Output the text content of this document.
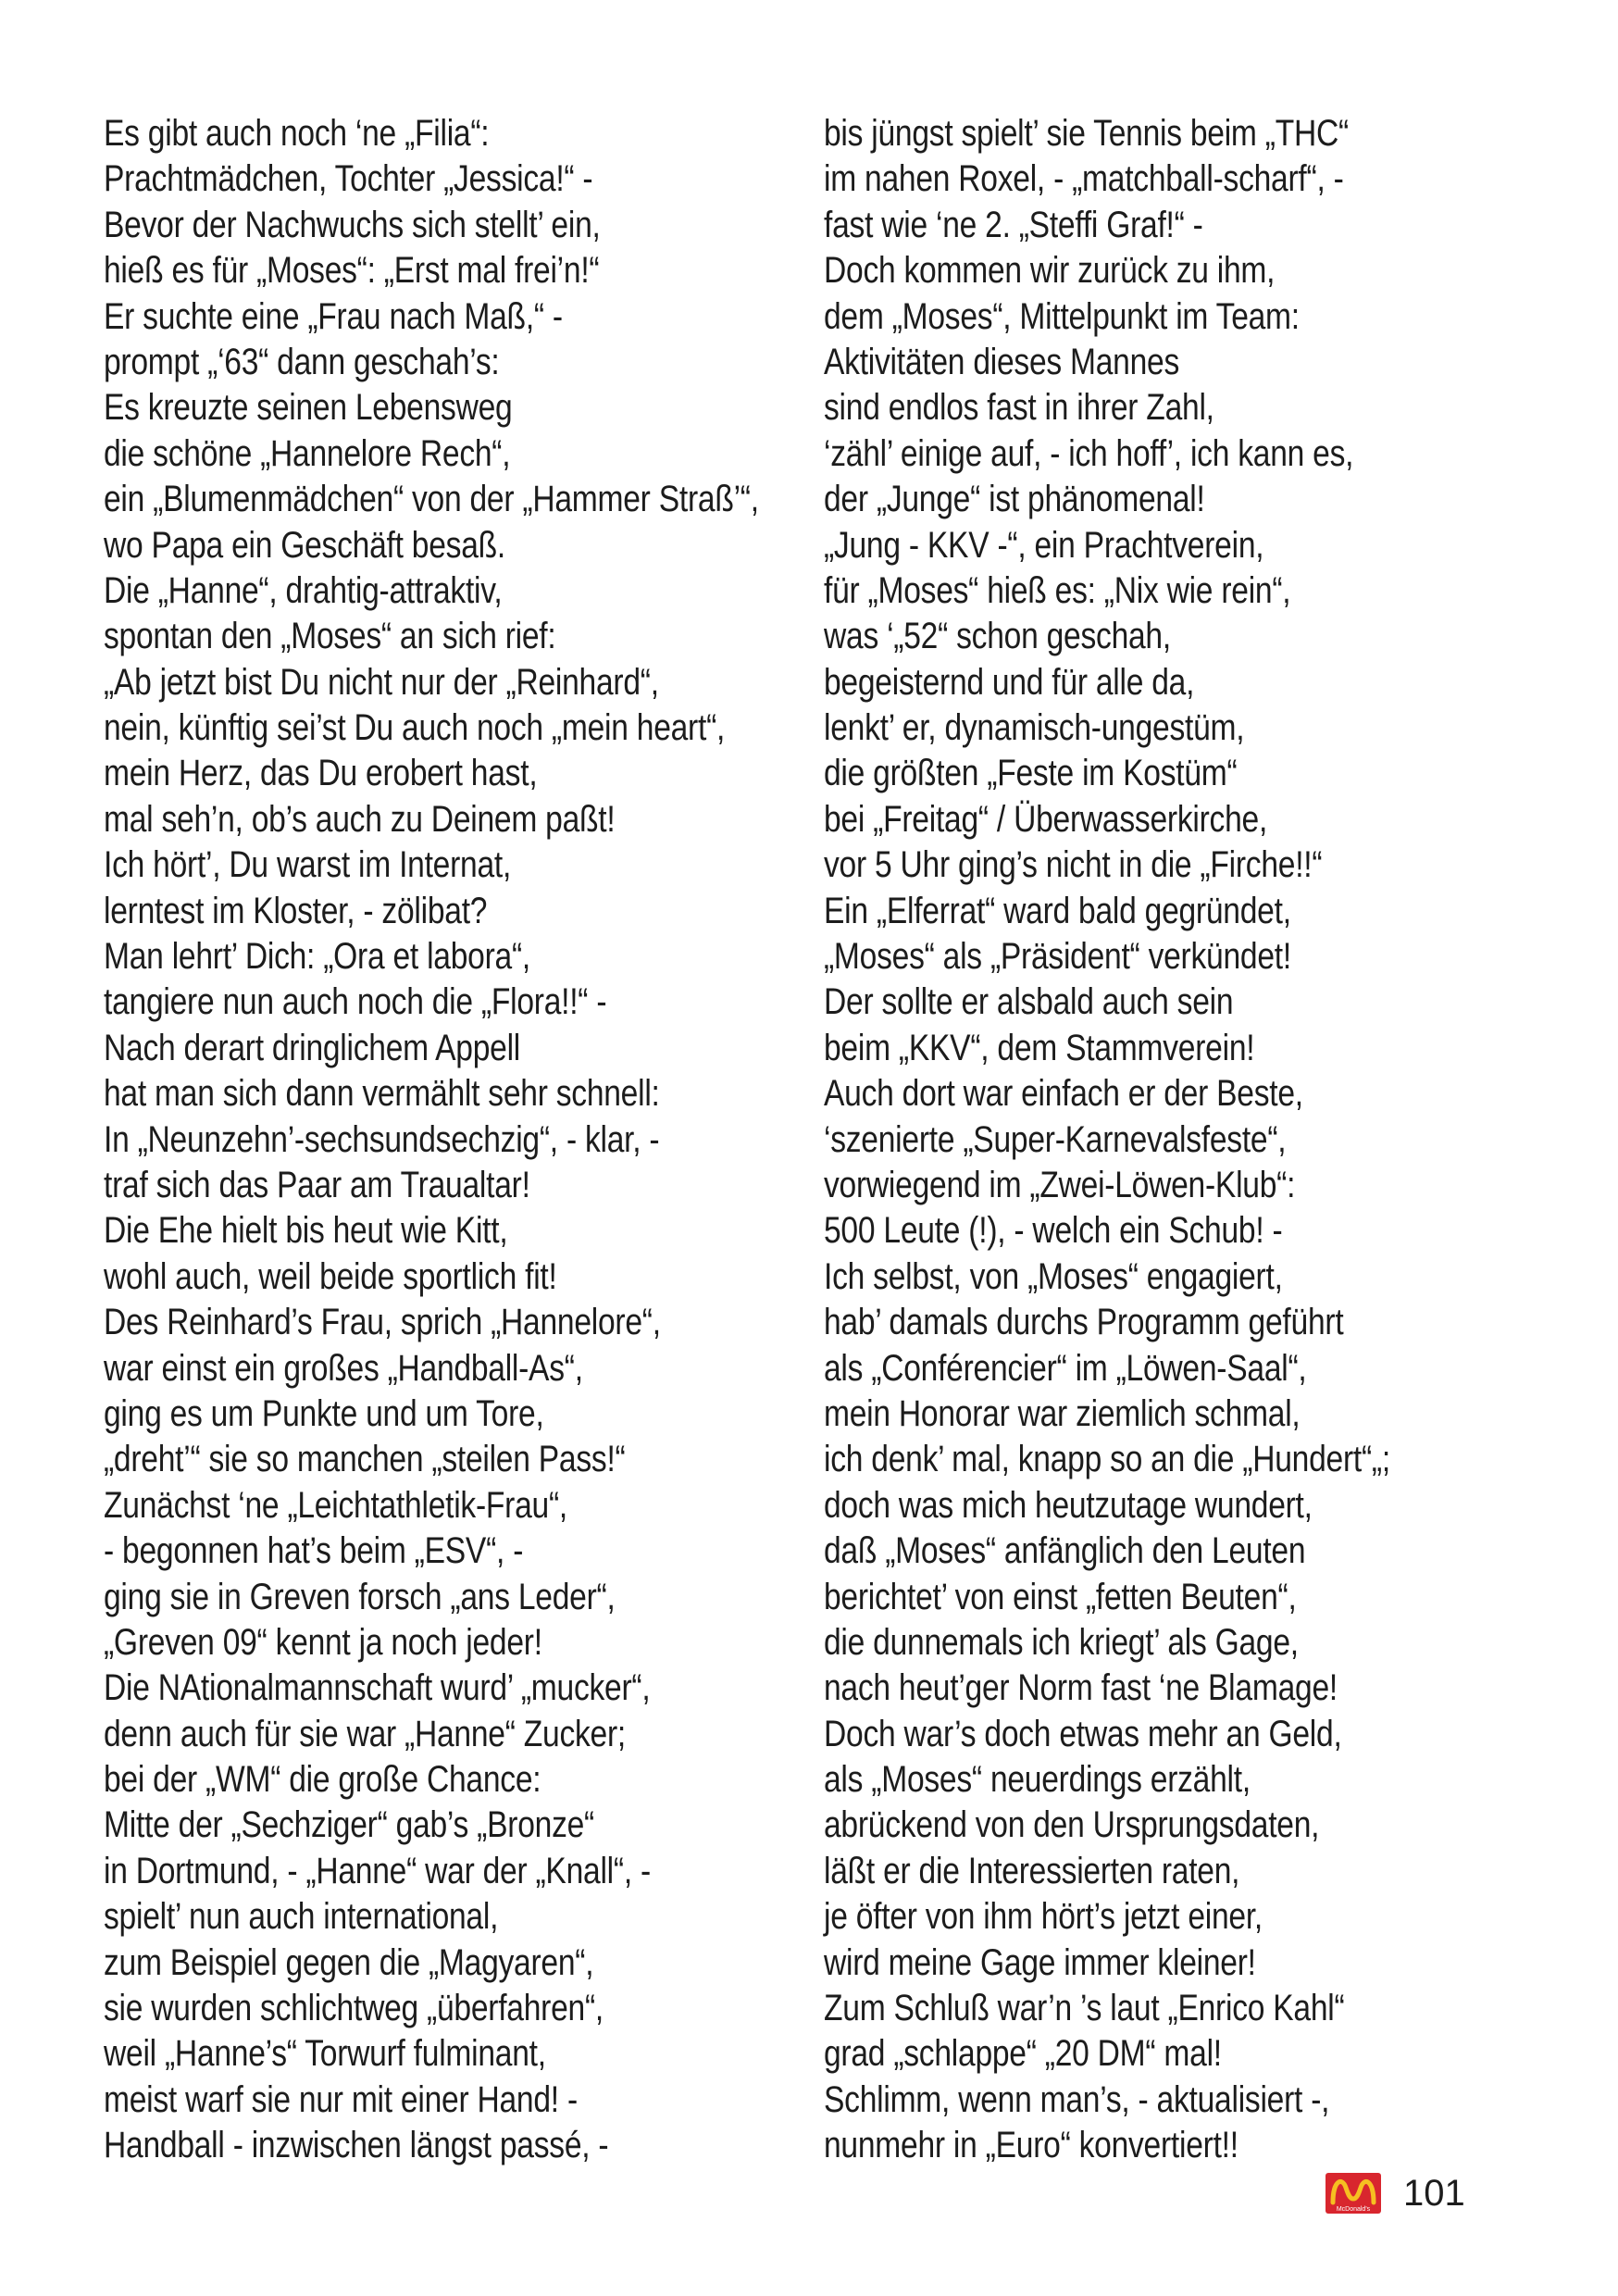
Es gibt auch noch ‘ne „Filia“:
Prachtmädchen, Tochter „Jessica!“ -
Bevor der Nachwuchs sich stellt’ ein,
hieß es für „Moses“: „Erst mal frei’n!“
Er suchte eine „Frau nach Maß,“ -
prompt „‘63“ dann geschah’s:
Es kreuzte seinen Lebensweg
die schöne „Hannelore Rech“,
ein „Blumenmädchen“ von der „Hammer Straß’“,
wo Papa ein Geschäft besaß.
Die „Hanne“, drahtig-attraktiv,
spontan den „Moses“ an sich rief:
„Ab jetzt bist Du nicht nur der „Reinhard“,
nein, künftig sei’st Du auch noch „mein heart“,
mein Herz, das Du erobert hast,
mal seh’n, ob’s auch zu Deinem paßt!
Ich hört’, Du warst im Internat,
lerntest im Kloster, - zölibat?
Man lehrt’ Dich: „Ora et labora“,
tangiere nun auch noch die „Flora!!“ -
Nach derart dringlichem Appell
hat man sich dann vermählt sehr schnell:
In „Neunzehn’-sechsundsechzig“, - klar, -
traf sich das Paar am Traualtar!
Die Ehe hielt bis heut wie Kitt,
wohl auch, weil beide sportlich fit!
Des Reinhard’s Frau, sprich „Hannelore“,
war einst ein großes „Handball-As“,
ging es um Punkte und um Tore,
„dreht’“ sie so manchen „steilen Pass!“
Zunächst ‘ne „Leichtathletik-Frau“,
- begonnen hat’s beim „ESV“, -
ging sie in Greven forsch „ans Leder“,
„Greven 09“ kennt ja noch jeder!
Die NAtionalmannschaft wurd’ „mucker“,
denn auch für sie war „Hanne“ Zucker;
bei der „WM“ die große Chance:
Mitte der „Sechziger“ gab’s „Bronze“
in Dortmund, - „Hanne“ war der „Knall“, -
spielt’ nun auch international,
zum Beispiel gegen die „Magyaren“,
sie wurden schlichtweg „überfahren“,
weil „Hanne’s“ Torwurf fulminant,
meist warf sie nur mit einer Hand! -
Handball - inzwischen längst passé, -
bis jüngst spielt’ sie Tennis beim „THC“
im nahen Roxel, - „matchball-scharf“, -
fast wie ‘ne 2. „Steffi Graf!“ -
Doch kommen wir zurück zu ihm,
dem „Moses“, Mittelpunkt im Team:
Aktivitäten dieses Mannes
sind endlos fast in ihrer Zahl,
‘zähl’ einige auf, - ich hoff’, ich kann es,
der „Junge“ ist phänomenal!
„Jung - KKV -“, ein Prachtverein,
für „Moses“ hieß es: „Nix wie rein“,
was ‘„52“ schon geschah,
begeisternd und für alle da,
lenkt’ er, dynamisch-ungestüm,
die größten „Feste im Kostüm“
bei „Freitag“ / Überwasserkirche,
vor 5 Uhr ging’s nicht in die „Firche!!“
Ein „Elferrat“ ward bald gegründet,
„Moses“ als „Präsident“ verkündet!
Der sollte er alsbald auch sein
beim „KKV“, dem Stammverein!
Auch dort war einfach er der Beste,
‘szenierte „Super-Karnevalsfeste“,
vorwiegend im „Zwei-Löwen-Klub“:
500 Leute (!), - welch ein Schub! -
Ich selbst, von „Moses“ engagiert,
hab’ damals durchs Programm geführt
als „Conférencier“ im „Löwen-Saal“,
mein Honorar war ziemlich schmal,
ich denk’ mal, knapp so an die „Hundert“„;
doch was mich heutzutage wundert,
daß „Moses“ anfänglich den Leuten
berichtet’ von einst „fetten Beuten“,
die dunnemals ich kriegt’ als Gage,
nach heut’ger Norm fast ‘ne Blamage!
Doch war’s doch etwas mehr an Geld,
als „Moses“ neuerdings erzählt,
abrückend von den Ursprungsdaten,
läßt er die Interessierten raten,
je öfter von ihm hört’s jetzt einer,
wird meine Gage immer kleiner!
Zum Schluß war’n ’s laut „Enrico Kahl“
grad „schlappe“ „20 DM“ mal!
Schlimm, wenn man’s, - aktualisiert -,
nunmehr in „Euro“ konvertiert!!
McDonald's 101
